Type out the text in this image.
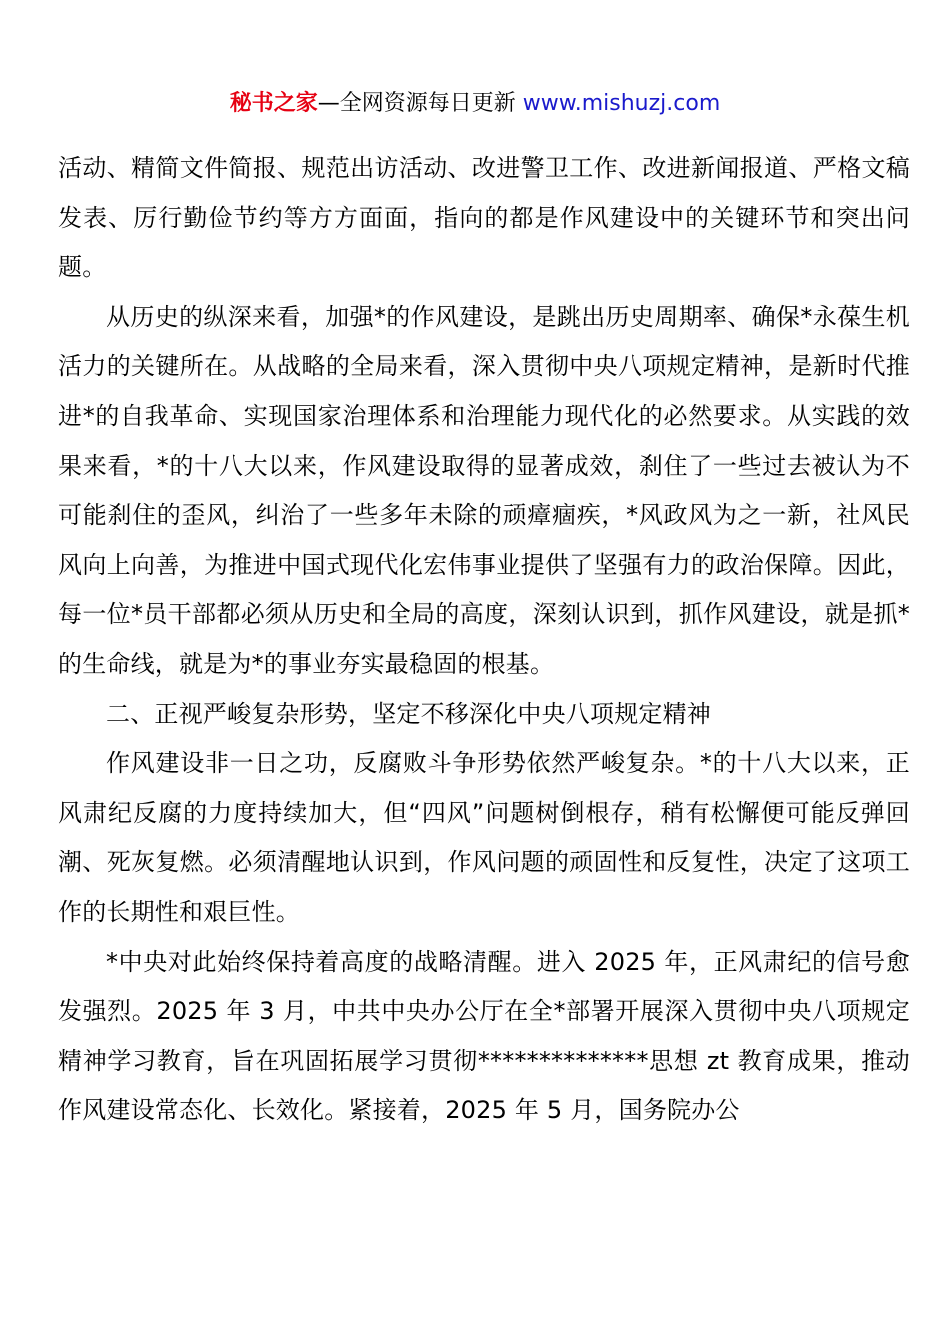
秘书之家—全网资源每日更新 www.mishuzj.com

活动、精简文件简报、规范出访活动、改进警卫工作、改进新闻报道、严格文稿发表、厉行勤俭节约等方方面面，指向的都是作风建设中的关键环节和突出问题。

从历史的纵深来看，加强*的作风建设，是跳出历史周期率、确保*永葆生机活力的关键所在。从战略的全局来看，深入贯彻中央八项规定精神，是新时代推进*的自我革命、实现国家治理体系和治理能力现代化的必然要求。从实践的效果来看，*的十八大以来，作风建设取得的显著成效，刹住了一些过去被认为不可能刹住的歪风，纠治了一些多年未除的顽瘴痼疾，*风政风为之一新，社风民风向上向善，为推进中国式现代化宏伟事业提供了坚强有力的政治保障。因此，每一位*员干部都必须从历史和全局的高度，深刻认识到，抓作风建设，就是抓*的生命线，就是为*的事业夯实最稳固的根基。

二、正视严峻复杂形势，坚定不移深化中央八项规定精神

作风建设非一日之功，反腐败斗争形势依然严峻复杂。*的十八大以来，正风肃纪反腐的力度持续加大，但“四风”问题树倒根存，稍有松懈便可能反弹回潮、死灰复燃。必须清醒地认识到，作风问题的顽固性和反复性，决定了这项工作的长期性和艰巨性。

*中央对此始终保持着高度的战略清醒。进入 2025 年，正风肃纪的信号愈发强烈。2025 年 3 月，中共中央办公厅在全*部署开展深入贯彻中央八项规定精神学习教育，旨在巩固拓展学习贯彻**************思想 zt 教育成果，推动作风建设常态化、长效化。紧接着，2025 年 5 月，国务院办公
